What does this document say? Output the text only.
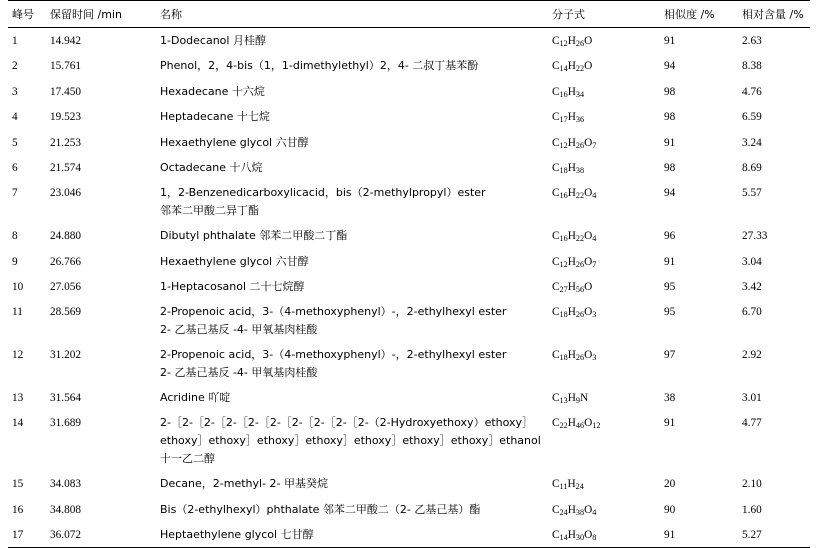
峰号	保留时间 /min	名称	分子式	相似度 /%	相对含量 /%
1	14.942	1-Dodecanol 月桂醇	$C_{12}H_{26}O$	91	2.63
2	15.761	Phenol，2，4-bis（1，1-dimethylethyl）2，4- 二叔丁基苯酚	$C_{14}H_{22}O$	94	8.38
3	17.450	Hexadecane 十六烷	$C_{16}H_{34}$	98	4.76
4	19.523	Heptadecane 十七烷	$C_{17}H_{36}$	98	6.59
5	21.253	Hexaethylene glycol 六甘醇	$C_{12}H_{26}O_7$	91	3.24
6	21.574	Octadecane 十八烷	$C_{18}H_{38}$	98	8.69
7	23.046	1，2-Benzenedicarboxylicacid，bis（2-methylpropyl）ester
邻苯二甲酸二异丁酯	$C_{16}H_{22}O_4$	94	5.57
8	24.880	Dibutyl phthalate 邻苯二甲酸二丁酯	$C_{16}H_{22}O_4$	96	27.33
9	26.766	Hexaethylene glycol 六甘醇	$C_{12}H_{26}O_7$	91	3.04
10	27.056	1-Heptacosanol 二十七烷醇	$C_{27}H_{56}O$	95	3.42
11	28.569	2-Propenoic acid，3-（4-methoxyphenyl）-，2-ethylhexyl ester
2- 乙基己基反 -4- 甲氧基肉桂酸	$C_{18}H_{26}O_3$	95	6.70
12	31.202	2-Propenoic acid，3-（4-methoxyphenyl）-，2-ethylhexyl ester
2- 乙基己基反 -4- 甲氧基肉桂酸	$C_{18}H_{26}O_3$	97	2.92
13	31.564	Acridine 吖啶	$C_{13}H_9N$	38	3.01
14	31.689	2-［2-［2-［2-［2-［2-［2-［2-［2-［2-（2-Hydroxyethoxy）ethoxy］
ethoxy］ethoxy］ethoxy］ethoxy］ethoxy］ethoxy］ethoxy］ethanol
十一乙二醇	$C_{22}H_{46}O_{12}$	91	4.77
15	34.083	Decane，2-methyl- 2- 甲基癸烷	$C_{11}H_{24}$	20	2.10
16	34.808	Bis（2-ethylhexyl）phthalate 邻苯二甲酸二（2- 乙基己基）酯	$C_{24}H_{38}O_4$	90	1.60
17	36.072	Heptaethylene glycol 七甘醇	$C_{14}H_{30}O_8$	91	5.27
